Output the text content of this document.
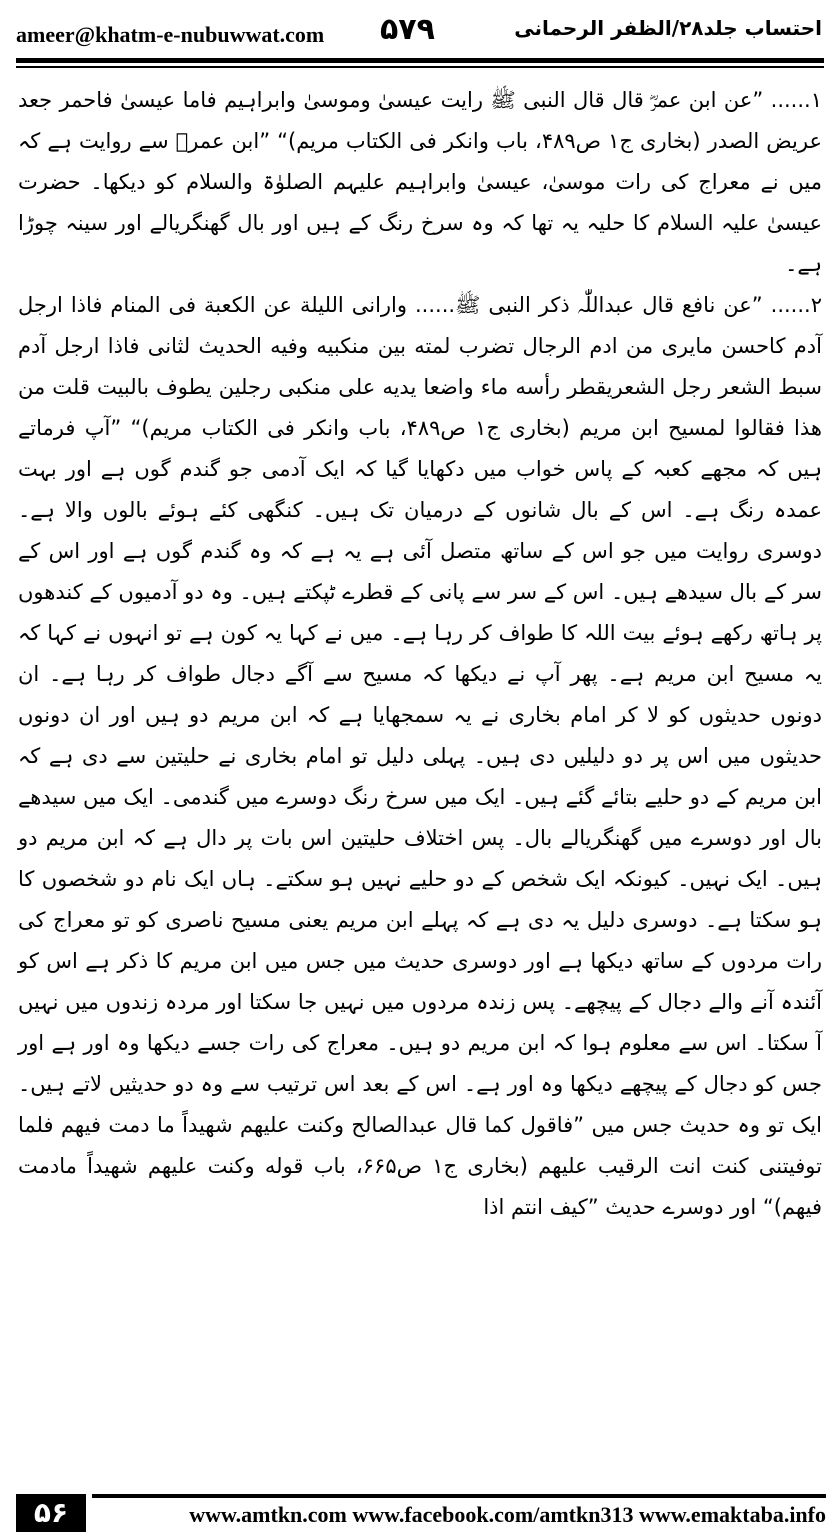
ameer@khatm-e-nubuwwat.com ۵۷۹	احتساب جلد۲۸/الظفر الرحمانی

۱...... ”عن ابن عمرؓ قال قال النبی ﷺ رایت عیسیٰ وموسیٰ وابراہیم فاما عیسیٰ فاحمر جعد عریض الصدر (بخاری ج۱ ص۴۸۹، باب وانکر فی الکتاب مریم)“ ”ابن عمرؓ سے روایت ہے کہ میں نے معراج کی رات موسیٰ، عیسیٰ وابراہیم علیہم الصلوٰۃ والسلام کو دیکھا۔ حضرت عیسیٰ علیہ السلام کا حلیہ یہ تھا کہ وہ سرخ رنگ کے ہیں اور بال گھنگریالے اور سینہ چوڑا ہے۔

۲...... ”عن نافع قال عبداللّٰہ ذکر النبی ﷺ...... وارانی اللیلة عن الکعبة فی المنام فاذا ارجل آدم کاحسن مایری من ادم الرجال تضرب لمته بین منکبیه وفیه الحدیث لثانی فاذا ارجل آدم سبط الشعر رجل الشعریقطر رأسه ماء واضعا یدیه علی منکبی رجلین یطوف بالبیت قلت من هذا فقالوا لمسیح ابن مریم (بخاری ج۱ ص۴۸۹، باب وانکر فی الکتاب مریم)“ ”آپ فرماتے ہیں کہ مجھے کعبہ کے پاس خواب میں دکھایا گیا کہ ایک آدمی جو گندم گوں ہے اور بہت عمدہ رنگ ہے۔ اس کے بال شانوں کے درمیان تک ہیں۔ کنگھی کئے ہوئے بالوں والا ہے۔ دوسری روایت میں جو اس کے ساتھ متصل آئی ہے یہ ہے کہ وہ گندم گوں ہے اور اس کے سر کے بال سیدھے ہیں۔ اس کے سر سے پانی کے قطرے ٹپکتے ہیں۔ وہ دو آدمیوں کے کندھوں پر ہاتھ رکھے ہوئے بیت اللہ کا طواف کر رہا ہے۔ میں نے کہا یہ کون ہے تو انہوں نے کہا کہ یہ مسیح ابن مریم ہے۔ پھر آپ نے دیکھا کہ مسیح سے آگے دجال طواف کر رہا ہے۔ ان دونوں حدیثوں کو لا کر امام بخاری نے یہ سمجھایا ہے کہ ابن مریم دو ہیں اور ان دونوں حدیثوں میں اس پر دو دلیلیں دی ہیں۔ پہلی دلیل تو امام بخاری نے حلیتین سے دی ہے کہ ابن مریم کے دو حلیے بتائے گئے ہیں۔ ایک میں سرخ رنگ دوسرے میں گندمی۔ ایک میں سیدھے بال اور دوسرے میں گھنگریالے بال۔ پس اختلاف حلیتین اس بات پر دال ہے کہ ابن مریم دو ہیں۔ ایک نہیں۔ کیونکہ ایک شخص کے دو حلیے نہیں ہو سکتے۔ ہاں ایک نام دو شخصوں کا ہو سکتا ہے۔ دوسری دلیل یہ دی ہے کہ پہلے ابن مریم یعنی مسیح ناصری کو تو معراج کی رات مردوں کے ساتھ دیکھا ہے اور دوسری حدیث میں جس میں ابن مریم کا ذکر ہے اس کو آئندہ آنے والے دجال کے پیچھے۔ پس زندہ مردوں میں نہیں جا سکتا اور مردہ زندوں میں نہیں آ سکتا۔ اس سے معلوم ہوا کہ ابن مریم دو ہیں۔ معراج کی رات جسے دیکھا وہ اور ہے اور جس کو دجال کے پیچھے دیکھا وہ اور ہے۔ اس کے بعد اس ترتیب سے وہ دو حدیثیں لاتے ہیں۔ ایک تو وہ حدیث جس میں ”فاقول کما قال عبدالصالح وکنت علیهم شهیداً ما دمت فیهم فلما توفیتنی کنت انت الرقیب علیهم (بخاری ج۱ ص۶۶۵، باب قوله وکنت علیهم شهیداً مادمت فیهم)“ اور دوسرے حدیث ”کیف انتم اذا

۵۶	www.amtkn.com www.facebook.com/amtkn313 www.emaktaba.info
